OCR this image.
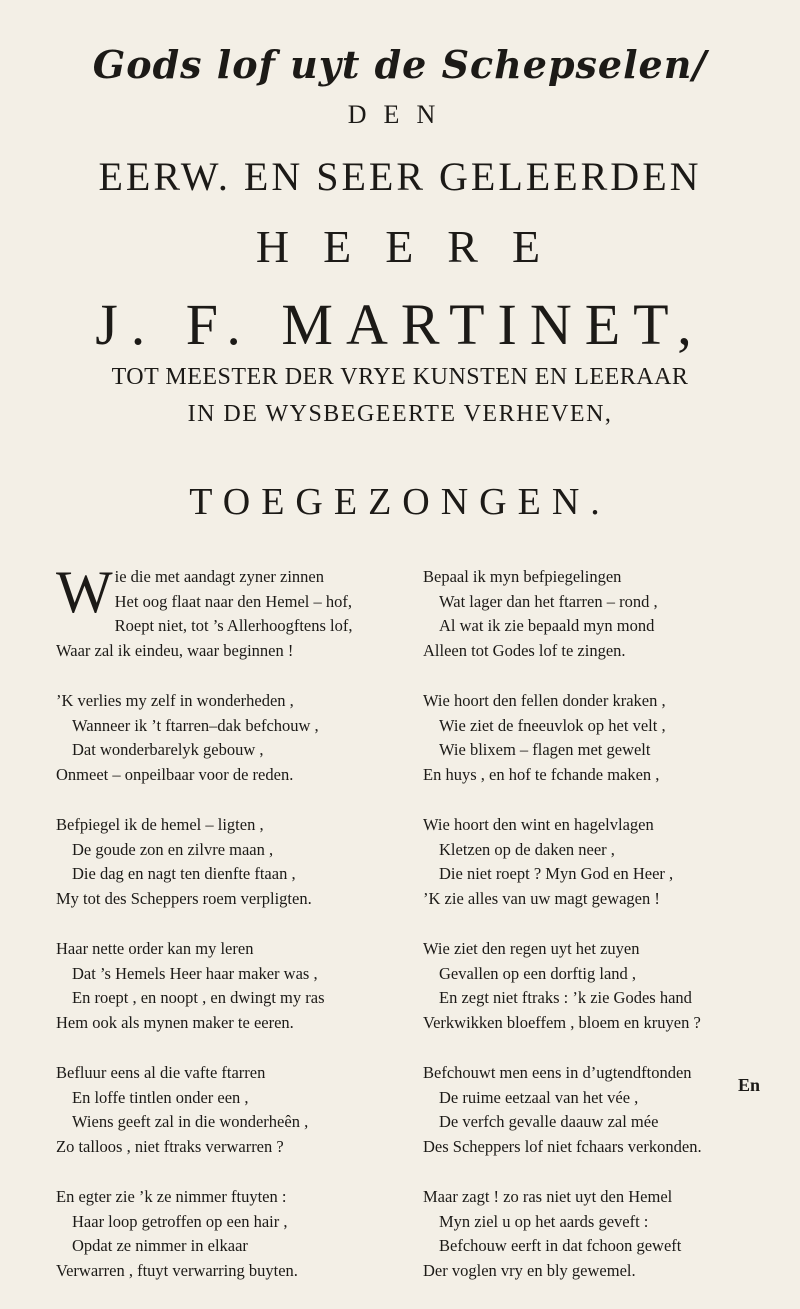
Gods lof uyt de Schepselen/
DEN
EERW. EN SEER GELEERDEN
HEERE
J. F. MARTINET,
TOT MEESTER DER VRYE KUNSTEN EN LEERAAR
IN DE WYSBEGEERTE VERHEVEN,
TOEGEZONGEN.
Wie die met aandagt zyner zinnen
Het oog flaat naar den Hemel – hof,
Roept niet, tot ’s Allerhoogftens lof,
Waar zal ik eindeu, waar beginnen !
’K verlies my zelf in wonderheden ,
Wanneer ik ’t ftarren–dak befchouw ,
Dat wonderbarelyk gebouw ,
Onmeet – onpeilbaar voor de reden.
Befpiegel ik de hemel – ligten ,
De goude zon en zilvre maan ,
Die dag en nagt ten dienfte ftaan ,
My tot des Scheppers roem verpligten.
Haar nette order kan my leren
Dat ’s Hemels Heer haar maker was ,
En roept , en noopt , en dwingt my ras
Hem ook als mynen maker te eeren.
Befluur eens al die vafte ftarren
En loffe tintlen onder een ,
Wiens geeft zal in die wonderheên ,
Zo talloos , niet ftraks verwarren ?
En egter zie ’k ze nimmer ftuyten :
Haar loop getroffen op een hair ,
Opdat ze nimmer in elkaar
Verwarren , ftuyt verwarring buyten.
Bepaal ik myn befpiegelingen
Wat lager dan het ftarren – rond ,
Al wat ik zie bepaald myn mond
Alleen tot Godes lof te zingen.
Wie hoort den fellen donder kraken ,
Wie ziet de fneeuvlok op het velt ,
Wie blixem – flagen met gewelt
En huys , en hof te fchande maken ,
Wie hoort den wint en hagelvlagen
Kletzen op de daken neer ,
Die niet roept ? Myn God en Heer ,
’K zie alles van uw magt gewagen !
Wie ziet den regen uyt het zuyen
Gevallen op een dorftig land ,
En zegt niet ftraks : ’k zie Godes hand
Verkwikken bloeffem , bloem en kruyen ?
Befchouwt men eens in d’ugtendftonden
De ruime eetzaal van het vée ,
De verfch gevalle daauw zal mée
Des Scheppers lof niet fchaars verkonden.
Maar zagt ! zo ras niet uyt den Hemel
Myn ziel u op het aards geveft :
Befchouw eerft in dat fchoon geweft
Der voglen vry en bly gewemel.
En
